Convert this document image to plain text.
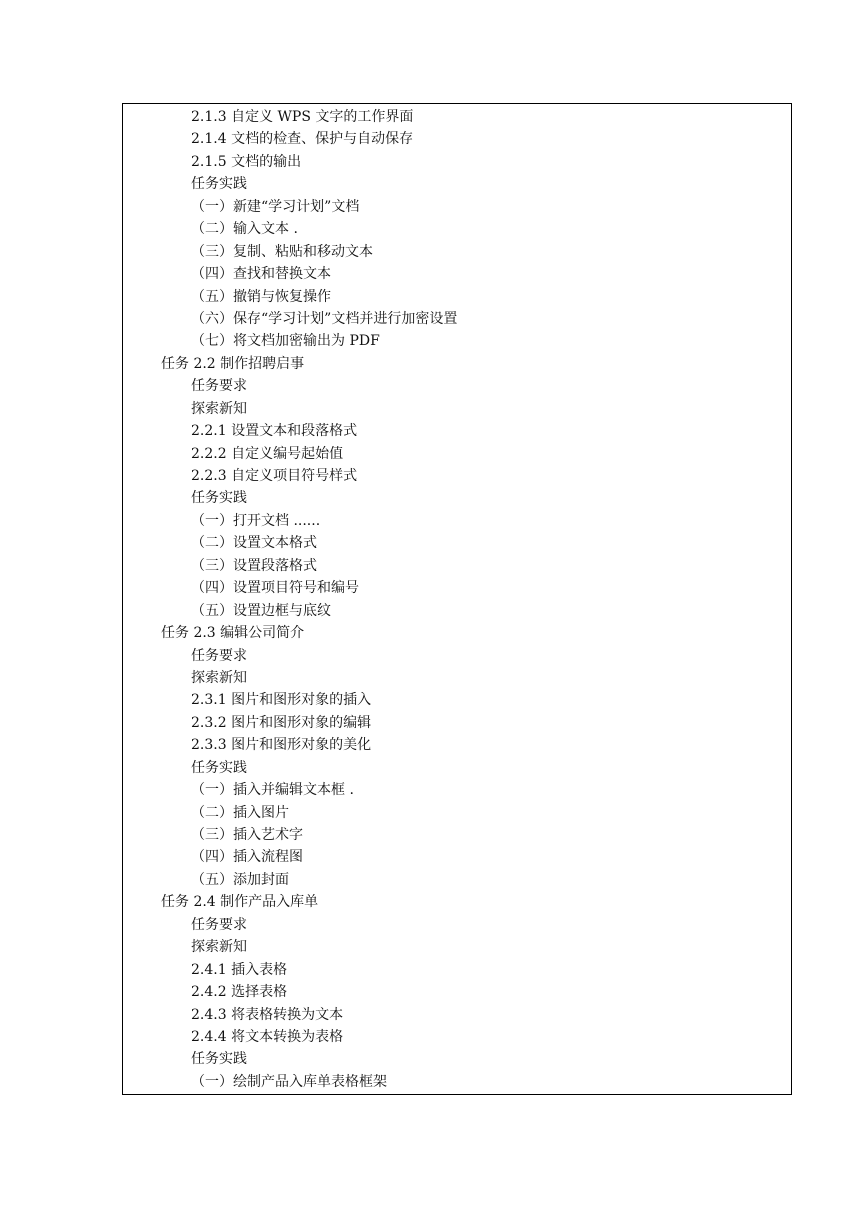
2.1.3 自定义 WPS 文字的工作界面
2.1.4 文档的检查、保护与自动保存
2.1.5 文档的输出
任务实践
（一）新建“学习计划”文档
（二）输入文本 .
（三）复制、粘贴和移动文本
（四）查找和替换文本
（五）撤销与恢复操作
（六）保存“学习计划”文档并进行加密设置
（七）将文档加密输出为 PDF
任务 2.2 制作招聘启事
任务要求
探索新知
2.2.1 设置文本和段落格式
2.2.2 自定义编号起始值
2.2.3 自定义项目符号样式
任务实践
（一）打开文档 ......
（二）设置文本格式
（三）设置段落格式
（四）设置项目符号和编号
（五）设置边框与底纹
任务 2.3 编辑公司简介
任务要求
探索新知
2.3.1 图片和图形对象的插入
2.3.2 图片和图形对象的编辑
2.3.3 图片和图形对象的美化
任务实践
（一）插入并编辑文本框 .
（二）插入图片
（三）插入艺术字
（四）插入流程图
（五）添加封面
任务 2.4 制作产品入库单
任务要求
探索新知
2.4.1 插入表格
2.4.2 选择表格
2.4.3 将表格转换为文本
2.4.4 将文本转换为表格
任务实践
（一）绘制产品入库单表格框架
